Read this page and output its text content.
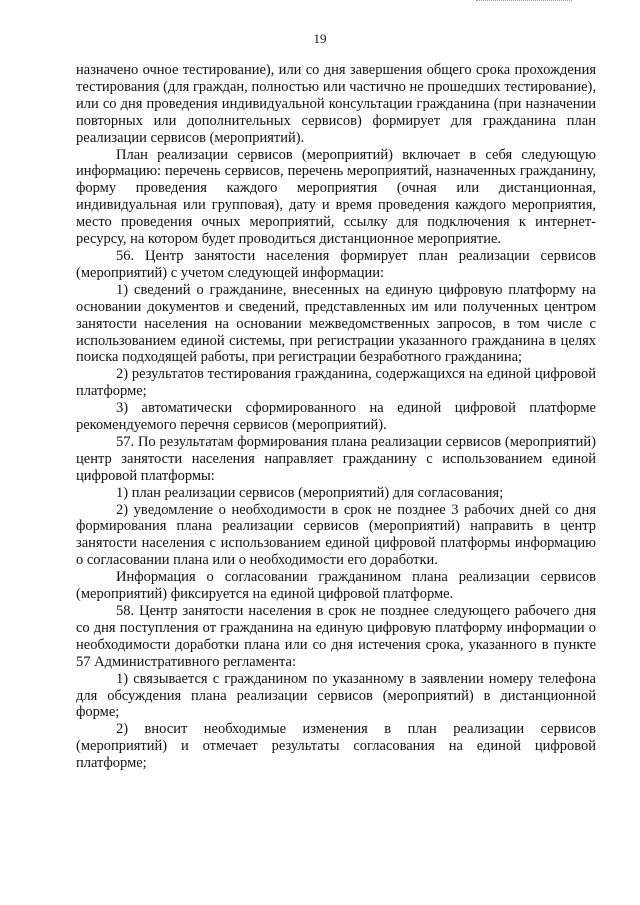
19

назначено очное тестирование), или со дня завершения общего срока прохождения тестирования (для граждан, полностью или частично не прошедших тестирование), или со дня проведения индивидуальной консультации гражданина (при назначении повторных или дополнительных сервисов) формирует для гражданина план реализации сервисов (мероприятий).

План реализации сервисов (мероприятий) включает в себя следующую информацию: перечень сервисов, перечень мероприятий, назначенных гражданину, форму проведения каждого мероприятия (очная или дистанционная, индивидуальная или групповая), дату и время проведения каждого мероприятия, место проведения очных мероприятий, ссылку для подключения к интернет-ресурсу, на котором будет проводиться дистанционное мероприятие.

56. Центр занятости населения формирует план реализации сервисов (мероприятий) с учетом следующей информации:

1) сведений о гражданине, внесенных на единую цифровую платформу на основании документов и сведений, представленных им или полученных центром занятости населения на основании межведомственных запросов, в том числе с использованием единой системы, при регистрации указанного гражданина в целях поиска подходящей работы, при регистрации безработного гражданина;

2) результатов тестирования гражданина, содержащихся на единой цифровой платформе;

3) автоматически сформированного на единой цифровой платформе рекомендуемого перечня сервисов (мероприятий).

57. По результатам формирования плана реализации сервисов (мероприятий) центр занятости населения направляет гражданину с использованием единой цифровой платформы:

1) план реализации сервисов (мероприятий) для согласования;

2) уведомление о необходимости в срок не позднее 3 рабочих дней со дня формирования плана реализации сервисов (мероприятий) направить в центр занятости населения с использованием единой цифровой платформы информацию о согласовании плана или о необходимости его доработки.

Информация о согласовании гражданином плана реализации сервисов (мероприятий) фиксируется на единой цифровой платформе.

58. Центр занятости населения в срок не позднее следующего рабочего дня со дня поступления от гражданина на единую цифровую платформу информации о необходимости доработки плана или со дня истечения срока, указанного в пункте 57 Административного регламента:

1) связывается с гражданином по указанному в заявлении номеру телефона для обсуждения плана реализации сервисов (мероприятий) в дистанционной форме;

2) вносит необходимые изменения в план реализации сервисов (мероприятий) и отмечает результаты согласования на единой цифровой платформе;
